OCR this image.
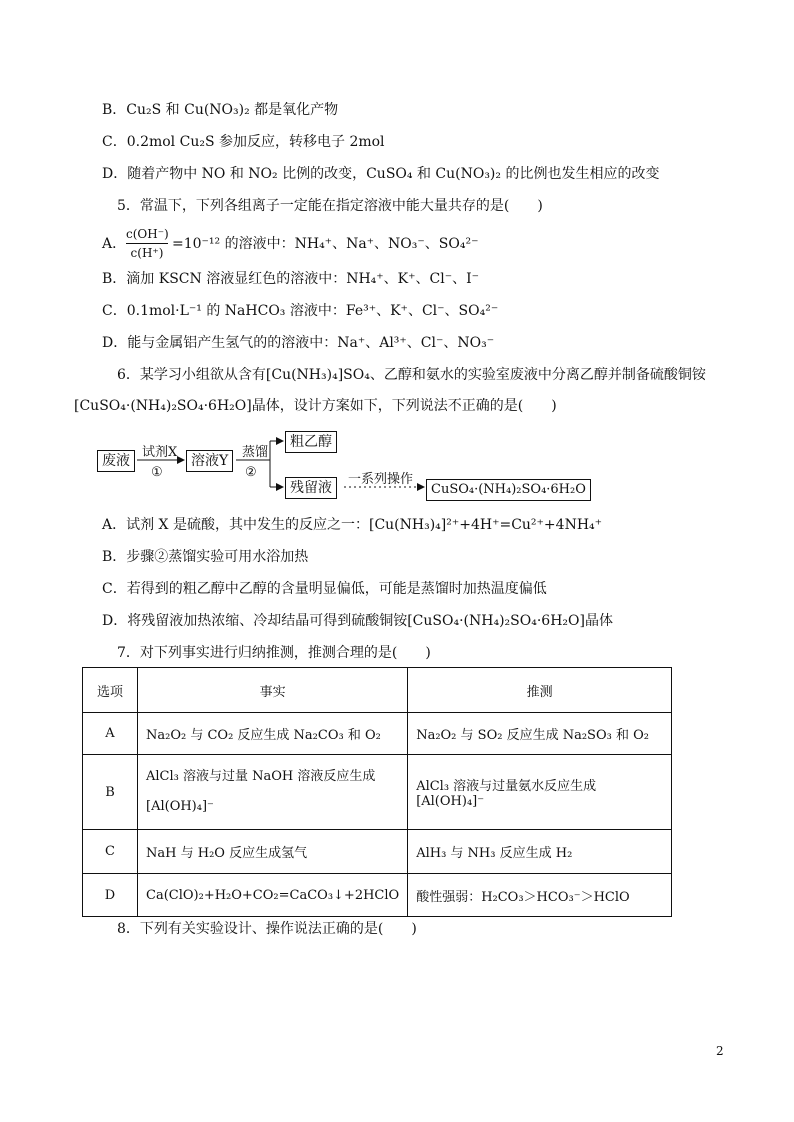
B．Cu₂S 和 Cu(NO₃)₂ 都是氧化产物
C．0.2mol Cu₂S 参加反应，转移电子 2mol
D．随着产物中 NO 和 NO₂ 比例的改变，CuSO₄ 和 Cu(NO₃)₂ 的比例也发生相应的改变
5．常温下，下列各组离子一定能在指定溶液中能大量共存的是(　　)
A．
c(OH⁻)
c(H⁺)
=10⁻¹² 的溶液中：NH₄⁺、Na⁺、NO₃⁻、SO₄²⁻
B．滴加 KSCN 溶液显红色的溶液中：NH₄⁺、K⁺、Cl⁻、I⁻
C．0.1mol·L⁻¹ 的 NaHCO₃ 溶液中：Fe³⁺、K⁺、Cl⁻、SO₄²⁻
D．能与金属铝产生氢气的的溶液中：Na⁺、Al³⁺、Cl⁻、NO₃⁻
6．某学习小组欲从含有[Cu(NH₃)₄]SO₄、乙醇和氨水的实验室废液中分离乙醇并制备硫酸铜铵
[CuSO₄·(NH₄)₂SO₄·6H₂O]晶体，设计方案如下，下列说法不正确的是(　　)
废液
试剂X
①
溶液Y
蒸馏
②
粗乙醇
残留液
一系列操作
CuSO₄·(NH₄)₂SO₄·6H₂O
A．试剂 X 是硫酸，其中发生的反应之一：[Cu(NH₃)₄]²⁺+4H⁺=Cu²⁺+4NH₄⁺
B．步骤②蒸馏实验可用水浴加热
C．若得到的粗乙醇中乙醇的含量明显偏低，可能是蒸馏时加热温度偏低
D．将残留液加热浓缩、冷却结晶可得到硫酸铜铵[CuSO₄·(NH₄)₂SO₄·6H₂O]晶体
7．对下列事实进行归纳推测，推测合理的是(　　)
选项	事实	推测
A	Na₂O₂ 与 CO₂ 反应生成 Na₂CO₃ 和 O₂	Na₂O₂ 与 SO₂ 反应生成 Na₂SO₃ 和 O₂
B	AlCl₃ 溶液与过量 NaOH 溶液反应生成[Al(OH)₄]⁻	AlCl₃ 溶液与过量氨水反应生成[Al(OH)₄]⁻
C	NaH 与 H₂O 反应生成氢气	AlH₃ 与 NH₃ 反应生成 H₂
D	Ca(ClO)₂+H₂O+CO₂=CaCO₃↓+2HClO	酸性强弱：H₂CO₃＞HCO₃⁻＞HClO
8．下列有关实验设计、操作说法正确的是(　　)
2
